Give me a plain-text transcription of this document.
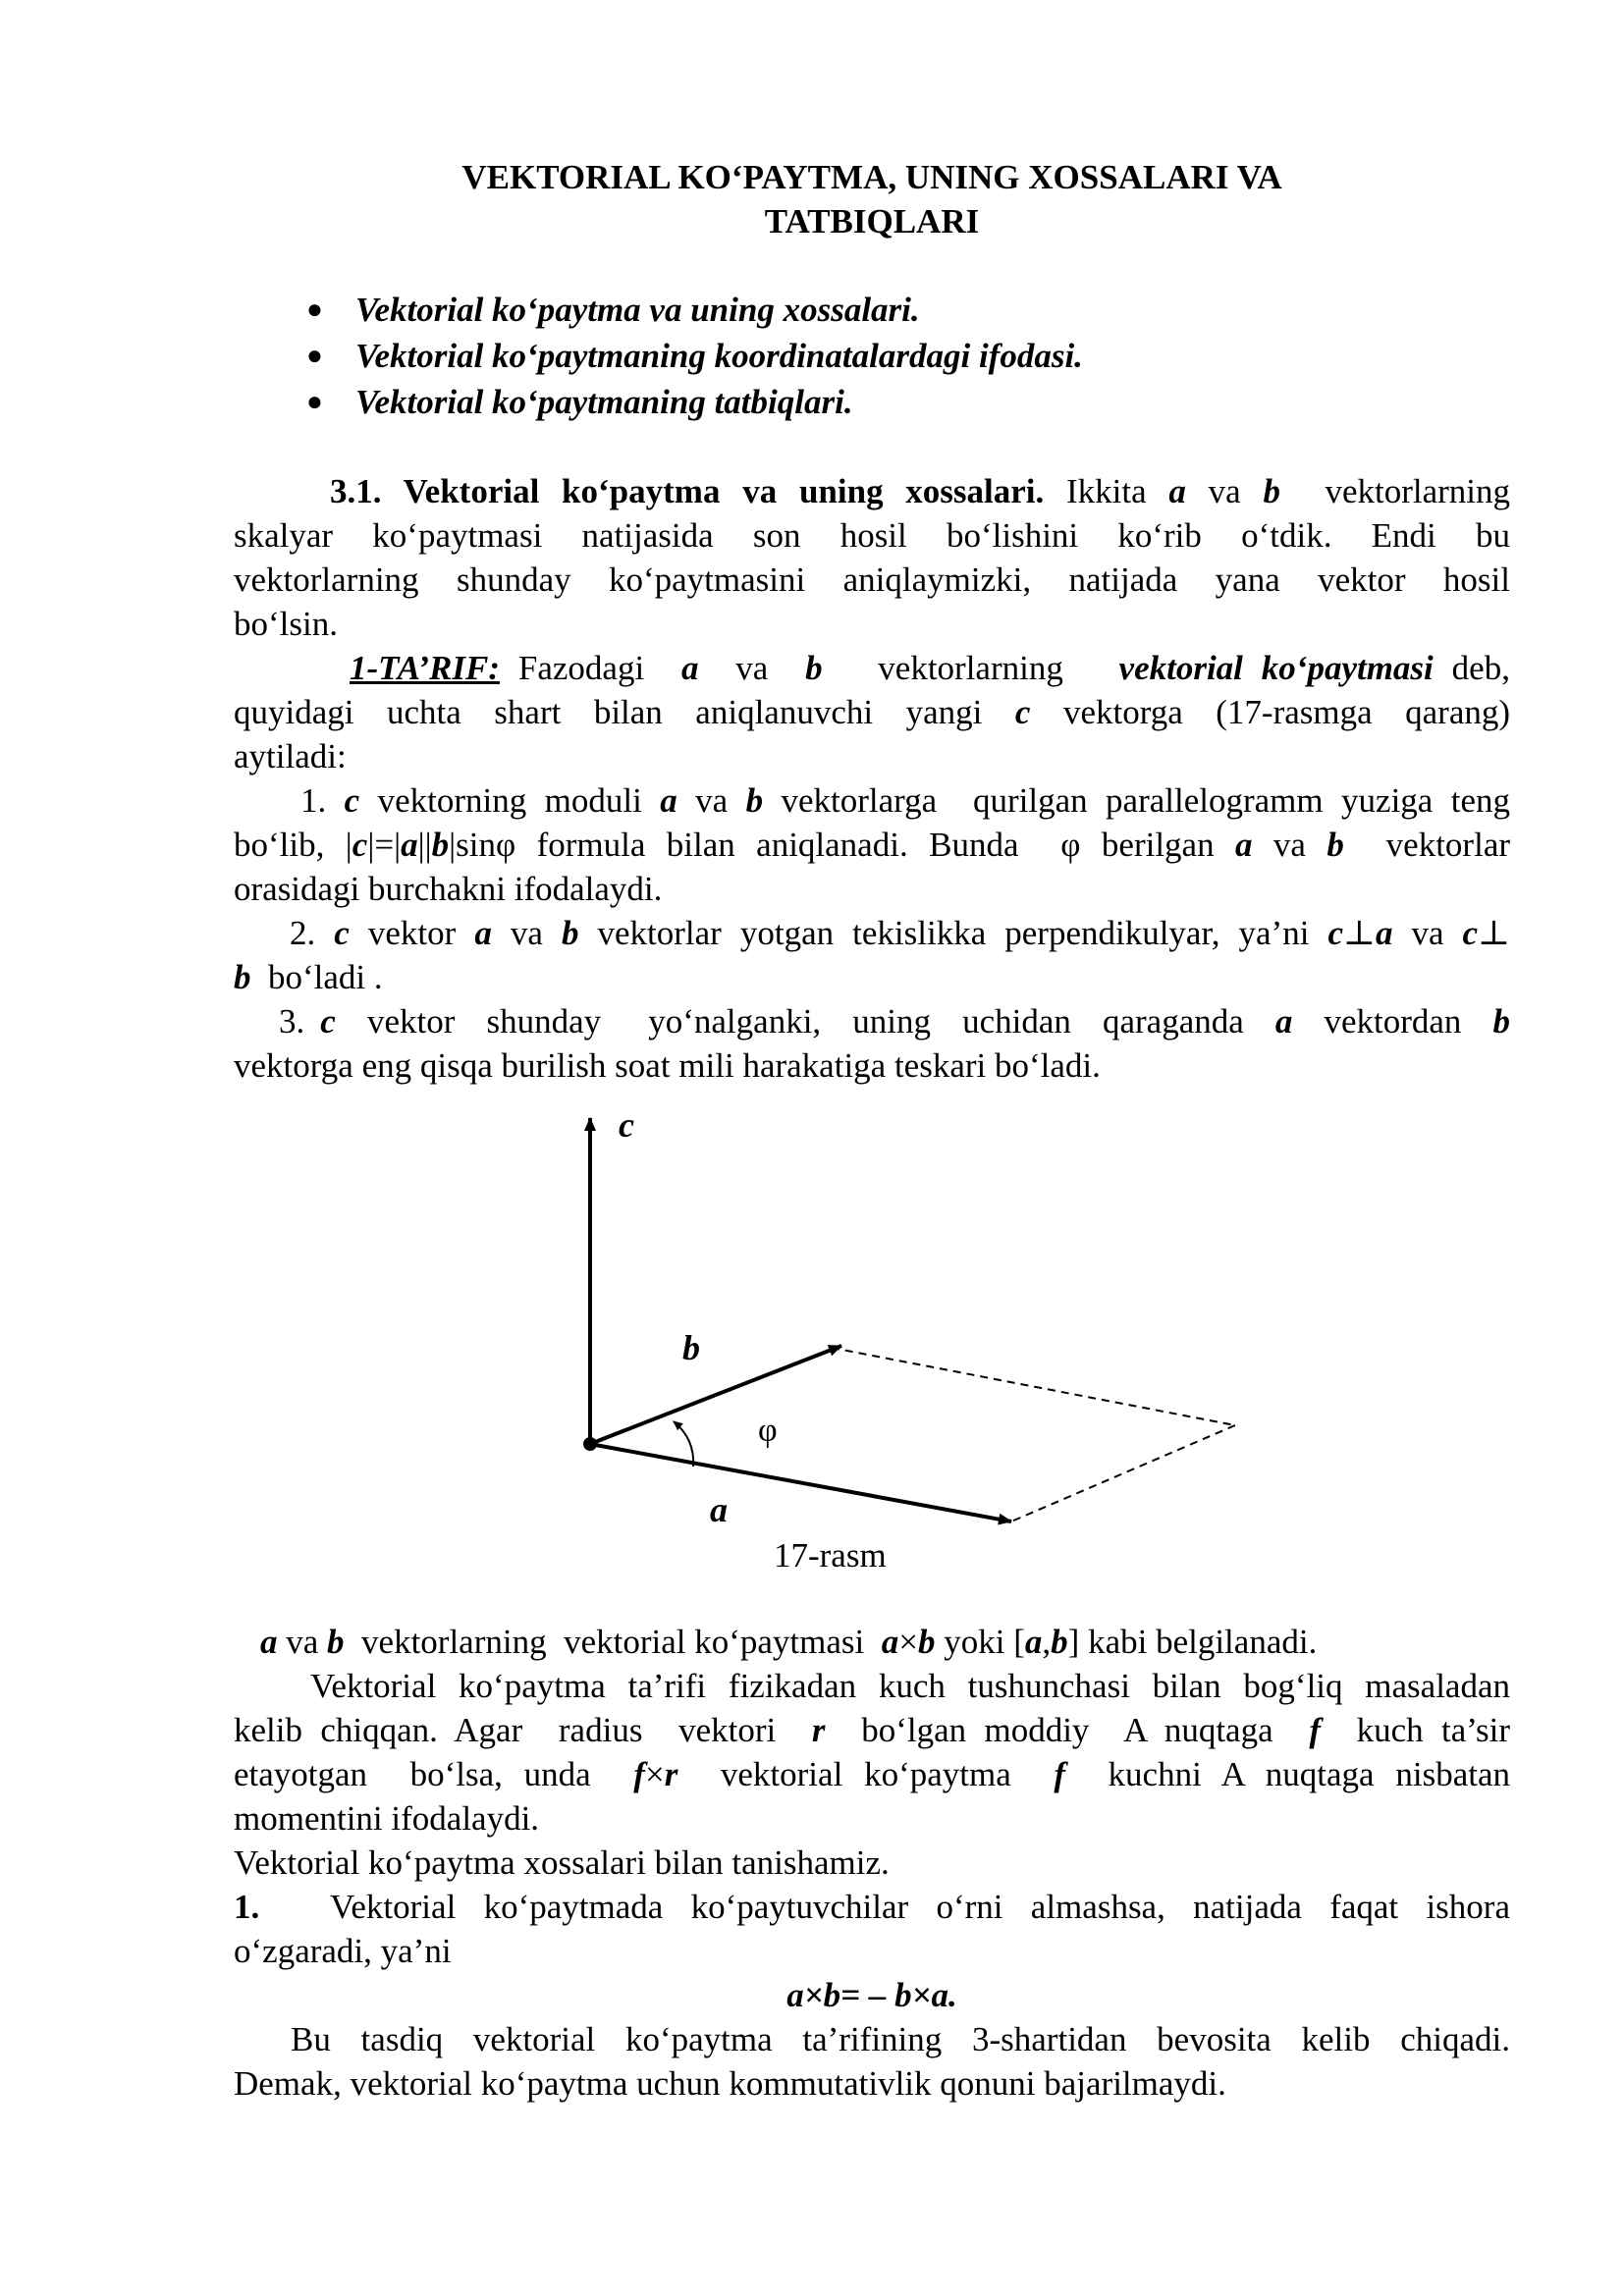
VEKTORIAL KO‘PAYTMA, UNING XOSSALARI VA

TATBIQLARI

● Vektorial ko‘paytma va uning xossalari.
● Vektorial ko‘paytmaning koordinatalardagi ifodasi.
● Vektorial ko‘paytmaning tatbiqlari.

3.1. Vektorial ko‘paytma va uning xossalari. Ikkita a va b  vektorlarning

skalyar ko‘paytmasi natijasida son hosil bo‘lishini ko‘rib o‘tdik. Endi bu

vektorlarning shunday ko‘paytmasini aniqlaymizki, natijada yana vektor hosil

bo‘lsin.

1-TA’RIF: Fazodagi  a  va  b   vektorlarning   vektorial ko‘paytmasi deb,

quyidagi uchta shart bilan aniqlanuvchi yangi c vektorga (17-rasmga qarang)

aytiladi:

1. c vektorning moduli a va b vektorlarga  qurilgan parallelogramm yuziga teng

bo‘lib, |c|=|a||b|sinφ formula bilan aniqlanadi. Bunda  φ berilgan a va b  vektorlar

orasidagi burchakni ifodalaydi.

2. c vektor a va b vektorlar yotgan tekislikka perpendikulyar, ya’ni c⊥a va c⊥

b  bo‘ladi .

3. c  vektor  shunday   yo‘nalganki,  uning  uchidan  qaraganda  a  vektordan  b

vektorga eng qisqa burilish soat mili harakatiga teskari bo‘ladi.

c
b
φ
a
17-rasm

a va b  vektorlarning  vektorial ko‘paytmasi  a×b yoki [a,b] kabi belgilanadi.

Vektorial ko‘paytma ta’rifi fizikadan kuch tushunchasi bilan bog‘liq masaladan

kelib chiqqan. Agar  radius  vektori  r  bo‘lgan moddiy  A nuqtaga  f  kuch ta’sir

etayotgan  bo‘lsa, unda  f×r  vektorial ko‘paytma  f  kuchni A nuqtaga nisbatan

momentini ifodalaydi.

Vektorial ko‘paytma xossalari bilan tanishamiz.

1. Vektorial ko‘paytmada ko‘paytuvchilar o‘rni almashsa, natijada faqat ishora

o‘zgaradi, ya’ni

a×b= – b×a.

Bu tasdiq vektorial ko‘paytma ta’rifining 3-shartidan bevosita kelib chiqadi.

Demak, vektorial ko‘paytma uchun kommutativlik qonuni bajarilmaydi.
